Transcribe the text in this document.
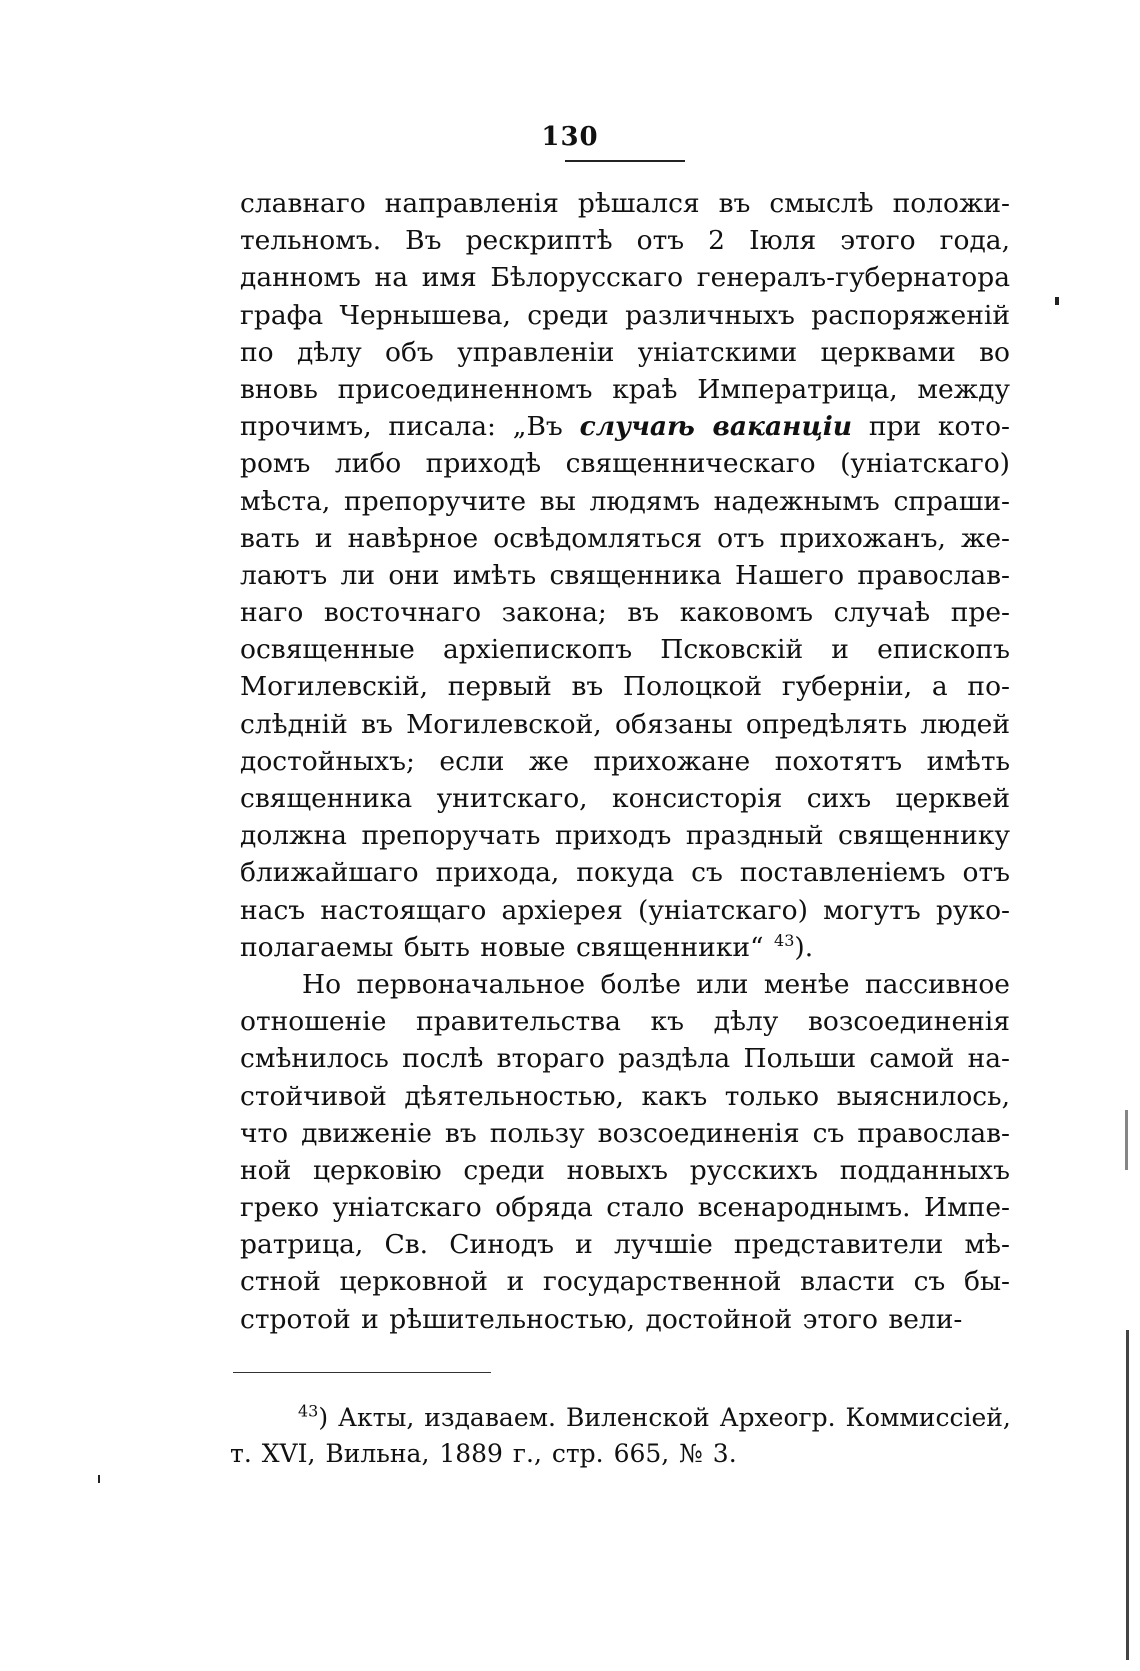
130
славнаго направленія рѣшался въ смыслѣ положи-
тельномъ. Въ рескриптѣ отъ 2 Іюля этого года,
данномъ на имя Бѣлорусскаго генералъ-губернатора
графа Чернышева, среди различныхъ распоряженій
по дѣлу объ управленіи уніатскими церквами во
вновь присоединенномъ краѣ Императрица, между
прочимъ, писала: „Въ случаѣ ваканціи при кото-
ромъ либо приходѣ священническаго (уніатскаго)
мѣста, препоручите вы людямъ надежнымъ спраши-
вать и навѣрное освѣдомляться отъ прихожанъ, же-
лаютъ ли они имѣть священника Нашего православ-
наго восточнаго закона; въ каковомъ случаѣ пре-
освященные архіепископъ Псковскій и епископъ
Могилевскій, первый въ Полоцкой губерніи, а по-
слѣдній въ Могилевской, обязаны опредѣлять людей
достойныхъ; если же прихожане похотятъ имѣть
священника унитскаго, консисторія сихъ церквей
должна препоручать приходъ праздный священнику
ближайшаго прихода, покуда съ поставленіемъ отъ
насъ настоящаго архіерея (уніатскаго) могутъ руко-
полагаемы быть новые священники“ $^{43}$).
Но первоначальное болѣе или менѣе пассивное
отношеніе правительства къ дѣлу возсоединенія
смѣнилось послѣ втораго раздѣла Польши самой на-
стойчивой дѣятельностью, какъ только выяснилось,
что движеніе въ пользу возсоединенія съ православ-
ной церковію среди новыхъ русскихъ подданныхъ
греко уніатскаго обряда стало всенароднымъ. Импе-
ратрица, Св. Синодъ и лучшіе представители мѣ-
стной церковной и государственной власти съ бы-
стротой и рѣшительностью, достойной этого вели-
$^{43}$) Акты, издаваем. Виленской Археогр. Коммиссіей,
т. XVI, Вильна, 1889 г., стр. 665, № 3.
